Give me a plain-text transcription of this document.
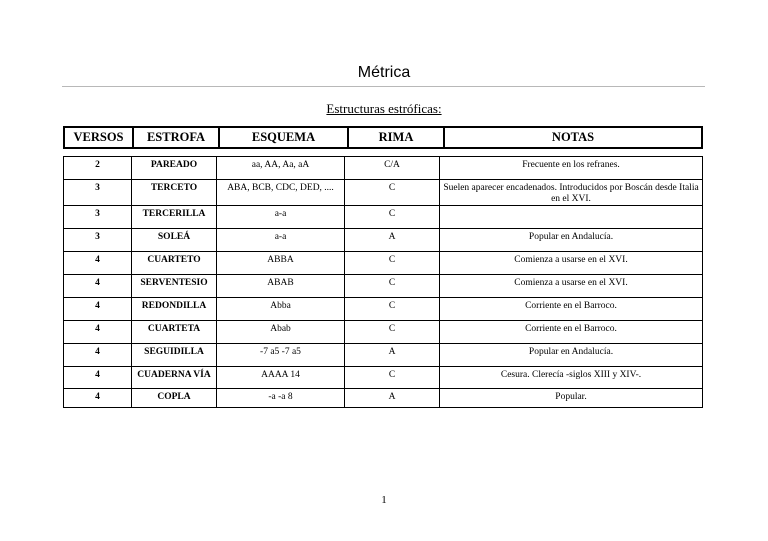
Métrica
Estructuras estróficas:
VERSOS	ESTROFA	ESQUEMA	RIMA	NOTAS
2	PAREADO	aa, AA, Aa, aA	C/A	Frecuente en los refranes.
3	TERCETO	ABA, BCB, CDC, DED, ....	C	Suelen aparecer encadenados. Introducidos por Boscán desde Italia en el XVI.
3	TERCERILLA	a-a	C	
3	SOLEÁ	a-a	A	Popular en Andalucía.
4	CUARTETO	ABBA	C	Comienza a usarse en el XVI.
4	SERVENTESIO	ABAB	C	Comienza a usarse en el XVI.
4	REDONDILLA	Abba	C	Corriente en el Barroco.
4	CUARTETA	Abab	C	Corriente en el Barroco.
4	SEGUIDILLA	-7 a5 -7 a5	A	Popular en Andalucía.
4	CUADERNA VÍA	AAAA 14	C	Cesura. Clerecía -siglos XIII y XIV-.
4	COPLA	-a -a 8	A	Popular.
1
